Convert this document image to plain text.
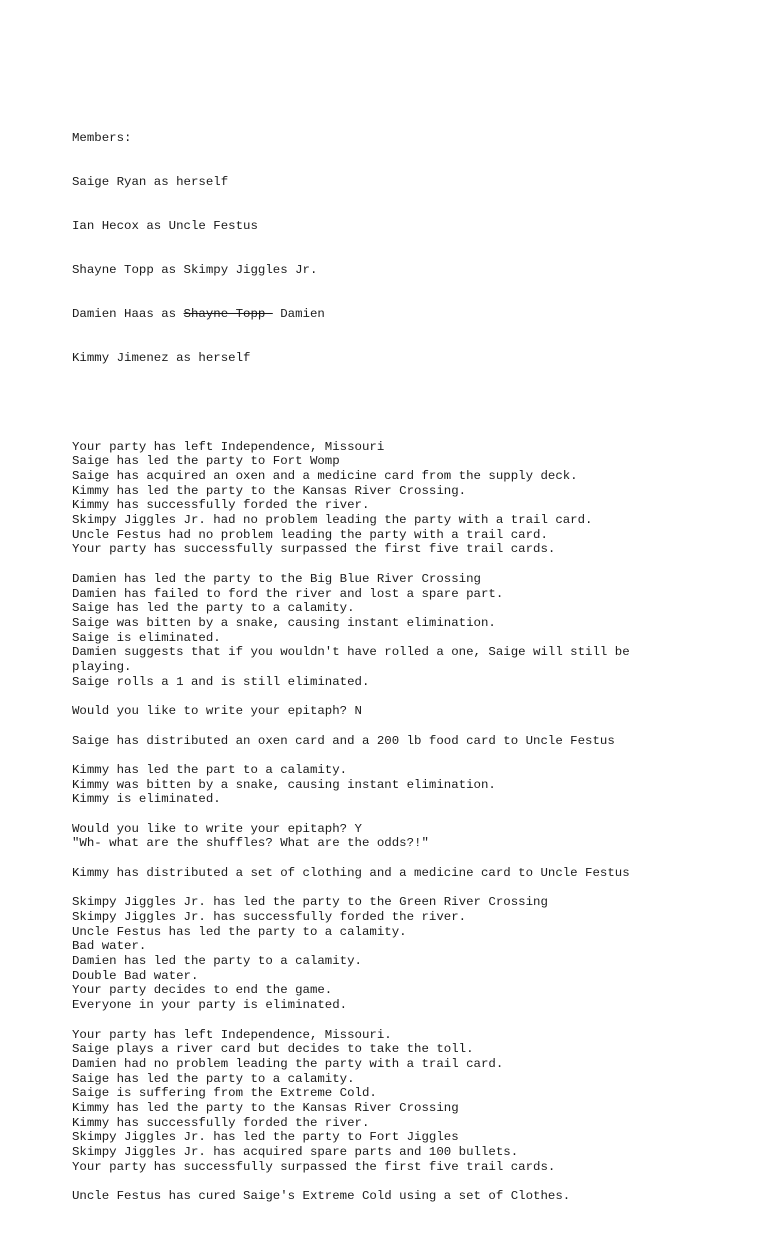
Members:

Saige Ryan as herself

Ian Hecox as Uncle Festus

Shayne Topp as Skimpy Jiggles Jr.

Damien Haas as Shayne Topp  Damien

Kimmy Jimenez as herself

Your party has left Independence, Missouri
Saige has led the party to Fort Womp
Saige has acquired an oxen and a medicine card from the supply deck.
Kimmy has led the party to the Kansas River Crossing.
Kimmy has successfully forded the river.
Skimpy Jiggles Jr. had no problem leading the party with a trail card.
Uncle Festus had no problem leading the party with a trail card.
Your party has successfully surpassed the first five trail cards.
Damien has led the party to the Big Blue River Crossing
Damien has failed to ford the river and lost a spare part.
Saige has led the party to a calamity.
Saige was bitten by a snake, causing instant elimination.
Saige is eliminated.
Damien suggests that if you wouldn't have rolled a one, Saige will still be
playing.
Saige rolls a 1 and is still eliminated.
Would you like to write your epitaph? N
Saige has distributed an oxen card and a 200 lb food card to Uncle Festus
Kimmy has led the part to a calamity.
Kimmy was bitten by a snake, causing instant elimination.
Kimmy is eliminated.
Would you like to write your epitaph? Y
"Wh- what are the shuffles? What are the odds?!"
Kimmy has distributed a set of clothing and a medicine card to Uncle Festus
Skimpy Jiggles Jr. has led the party to the Green River Crossing
Skimpy Jiggles Jr. has successfully forded the river.
Uncle Festus has led the party to a calamity.
Bad water.
Damien has led the party to a calamity.
Double Bad water.
Your party decides to end the game.
Everyone in your party is eliminated.
Your party has left Independence, Missouri.
Saige plays a river card but decides to take the toll.
Damien had no problem leading the party with a trail card.
Saige has led the party to a calamity.
Saige is suffering from the Extreme Cold.
Kimmy has led the party to the Kansas River Crossing
Kimmy has successfully forded the river.
Skimpy Jiggles Jr. has led the party to Fort Jiggles
Skimpy Jiggles Jr. has acquired spare parts and 100 bullets.
Your party has successfully surpassed the first five trail cards.
Uncle Festus has cured Saige's Extreme Cold using a set of Clothes.
